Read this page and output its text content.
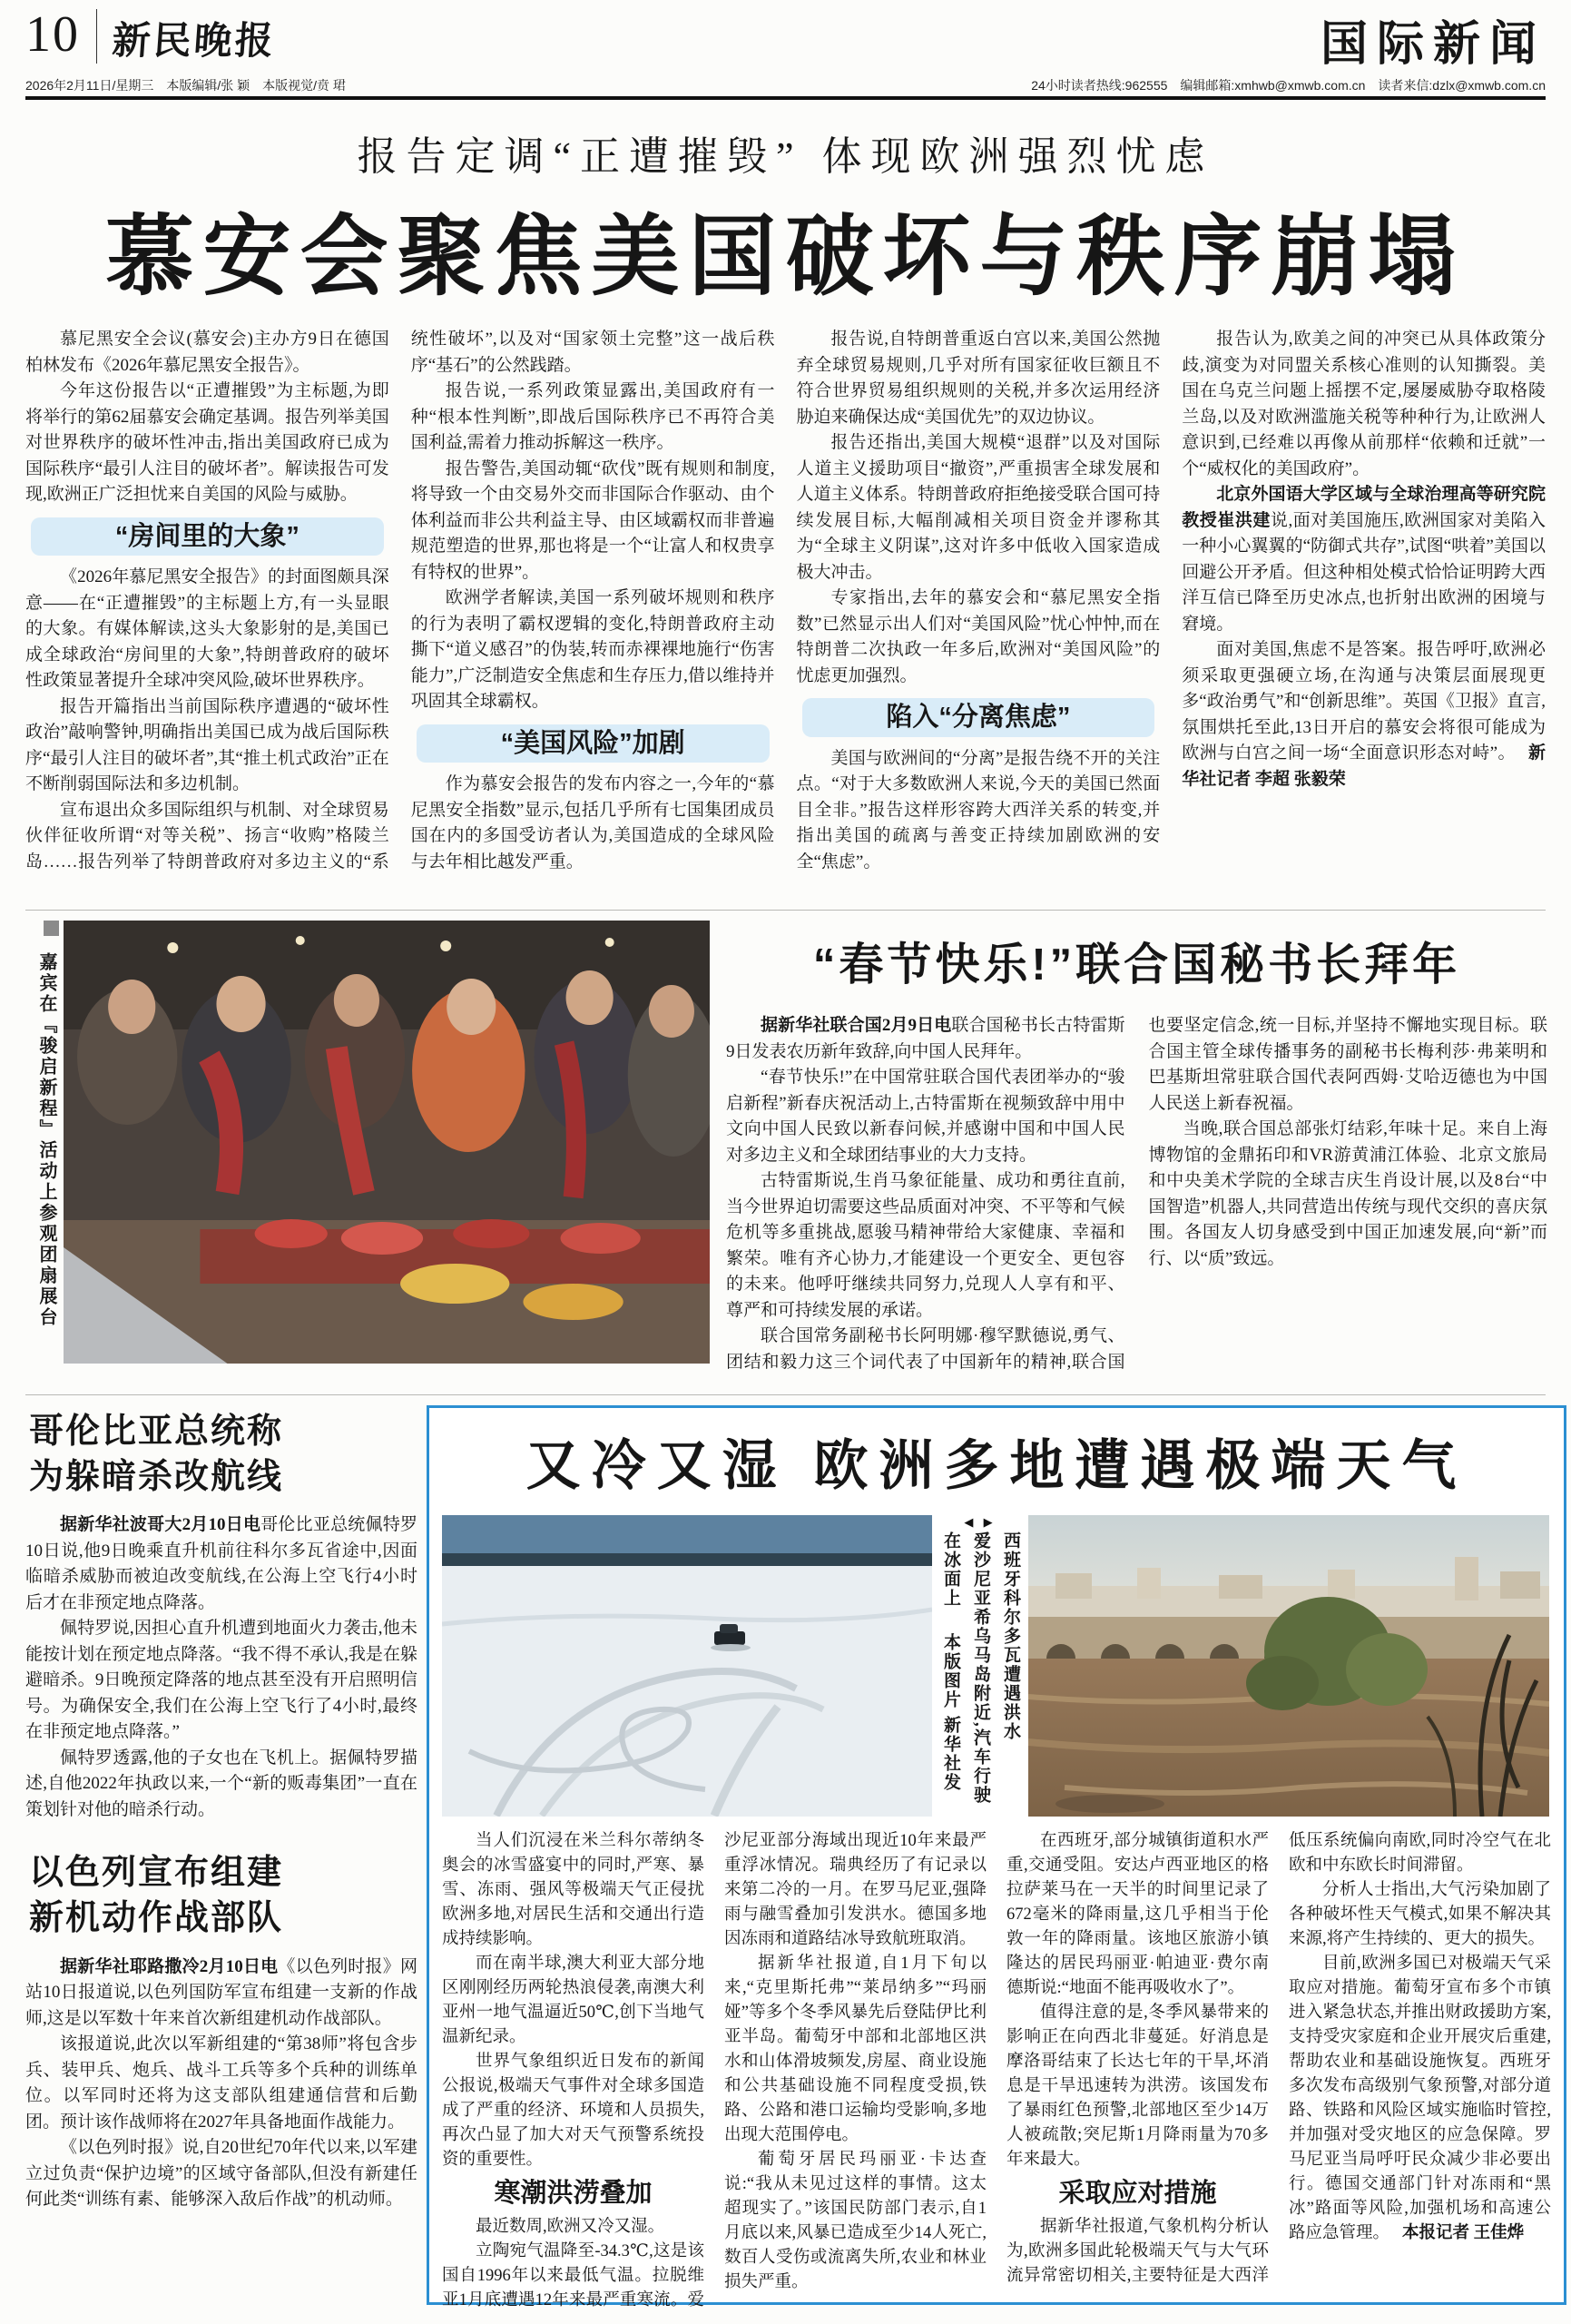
10 新民晚报	国际新闻
2026年2月11日/星期三　本版编辑/张 颖　本版视觉/贲 珺	24小时读者热线:962555　编辑邮箱:xmhwb@xmwb.com.cn　读者来信:dzlx@xmwb.com.cn
报告定调“正遭摧毁” 体现欧洲强烈忧虑
慕安会聚焦美国破坏与秩序崩塌

慕尼黑安全会议(慕安会)主办方9日在德国柏林发布《2026年慕尼黑安全报告》。

今年这份报告以“正遭摧毁”为主标题,为即将举行的第62届慕安会确定基调。报告列举美国对世界秩序的破坏性冲击,指出美国政府已成为国际秩序“最引人注目的破坏者”。解读报告可发现,欧洲正广泛担忧来自美国的风险与威胁。

“房间里的大象”

《2026年慕尼黑安全报告》的封面图颇具深意——在“正遭摧毁”的主标题上方,有一头显眼的大象。有媒体解读,这头大象影射的是,美国已成全球政治“房间里的大象”,特朗普政府的破坏性政策显著提升全球冲突风险,破坏世界秩序。

报告开篇指出当前国际秩序遭遇的“破坏性政治”敲响警钟,明确指出美国已成为战后国际秩序“最引人注目的破坏者”,其“推土机式政治”正在不断削弱国际法和多边机制。

宣布退出众多国际组织与机制、对全球贸易伙伴征收所谓“对等关税”、扬言“收购”格陵兰岛……报告列举了特朗普政府对多边主义的“系统性破坏”,以及对“国家领土完整”这一战后秩序“基石”的公然践踏。

报告说,一系列政策显露出,美国政府有一种“根本性判断”,即战后国际秩序已不再符合美国利益,需着力推动拆解这一秩序。

报告警告,美国动辄“砍伐”既有规则和制度,将导致一个由交易外交而非国际合作驱动、由个体利益而非公共利益主导、由区域霸权而非普遍规范塑造的世界,那也将是一个“让富人和权贵享有特权的世界”。

欧洲学者解读,美国一系列破坏规则和秩序的行为表明了霸权逻辑的变化,特朗普政府主动撕下“道义感召”的伪装,转而赤裸裸地施行“伤害能力”,广泛制造安全焦虑和生存压力,借以维持并巩固其全球霸权。

“美国风险”加剧

作为慕安会报告的发布内容之一,今年的“慕尼黑安全指数”显示,包括几乎所有七国集团成员国在内的多国受访者认为,美国造成的全球风险与去年相比越发严重。

报告说,自特朗普重返白宫以来,美国公然抛弃全球贸易规则,几乎对所有国家征收巨额且不符合世界贸易组织规则的关税,并多次运用经济胁迫来确保达成“美国优先”的双边协议。

报告还指出,美国大规模“退群”以及对国际人道主义援助项目“撤资”,严重损害全球发展和人道主义体系。特朗普政府拒绝接受联合国可持续发展目标,大幅削减相关项目资金并谬称其为“全球主义阴谋”,这对许多中低收入国家造成极大冲击。

专家指出,去年的慕安会和“慕尼黑安全指数”已然显示出人们对“美国风险”忧心忡忡,而在特朗普二次执政一年多后,欧洲对“美国风险”的忧虑更加强烈。

陷入“分离焦虑”

美国与欧洲间的“分离”是报告绕不开的关注点。“对于大多数欧洲人来说,今天的美国已然面目全非。”报告这样形容跨大西洋关系的转变,并指出美国的疏离与善变正持续加剧欧洲的安全“焦虑”。

报告认为,欧美之间的冲突已从具体政策分歧,演变为对同盟关系核心准则的认知撕裂。美国在乌克兰问题上摇摆不定,屡屡威胁夺取格陵兰岛,以及对欧洲滥施关税等种种行为,让欧洲人意识到,已经难以再像从前那样“依赖和迁就”一个“威权化的美国政府”。

北京外国语大学区域与全球治理高等研究院教授崔洪建说,面对美国施压,欧洲国家对美陷入一种小心翼翼的“防御式共存”,试图“哄着”美国以回避公开矛盾。但这种相处模式恰恰证明跨大西洋互信已降至历史冰点,也折射出欧洲的困境与窘境。

面对美国,焦虑不是答案。报告呼吁,欧洲必须采取更强硬立场,在沟通与决策层面展现更多“政治勇气”和“创新思维”。英国《卫报》直言,氛围烘托至此,13日开启的慕安会将很可能成为欧洲与白宫之间一场“全面意识形态对峙”。 新华社记者 李超 张毅荣

嘉宾在『骏启新程』活动上参观团扇展台	“春节快乐!”联合国秘书长拜年

据新华社联合国2月9日电联合国秘书长古特雷斯9日发表农历新年致辞,向中国人民拜年。

“春节快乐!”在中国常驻联合国代表团举办的“骏启新程”新春庆祝活动上,古特雷斯在视频致辞中用中文向中国人民致以新春问候,并感谢中国和中国人民对多边主义和全球团结事业的大力支持。

古特雷斯说,生肖马象征能量、成功和勇往直前,当今世界迫切需要这些品质面对冲突、不平等和气候危机等多重挑战,愿骏马精神带给大家健康、幸福和繁荣。唯有齐心协力,才能建设一个更安全、更包容的未来。他呼吁继续共同努力,兑现人人享有和平、尊严和可持续发展的承诺。

联合国常务副秘书长阿明娜·穆罕默德说,勇气、团结和毅力这三个词代表了中国新年的精神,联合国也要坚定信念,统一目标,并坚持不懈地实现目标。联合国主管全球传播事务的副秘书长梅利莎·弗莱明和巴基斯坦常驻联合国代表阿西姆·艾哈迈德也为中国人民送上新春祝福。

当晚,联合国总部张灯结彩,年味十足。来自上海博物馆的金鼎拓印和VR游黄浦江体验、北京文旅局和中央美术学院的全球吉庆生肖设计展,以及8台“中国智造”机器人,共同营造出传统与现代交织的喜庆氛围。各国友人切身感受到中国正加速发展,向“新”而行、以“质”致远。

哥伦比亚总统称
为躲暗杀改航线

据新华社波哥大2月10日电哥伦比亚总统佩特罗10日说,他9日晚乘直升机前往科尔多瓦省途中,因面临暗杀威胁而被迫改变航线,在公海上空飞行4小时后才在非预定地点降落。

佩特罗说,因担心直升机遭到地面火力袭击,他未能按计划在预定地点降落。“我不得不承认,我是在躲避暗杀。9日晚预定降落的地点甚至没有开启照明信号。为确保安全,我们在公海上空飞行了4小时,最终在非预定地点降落。”

佩特罗透露,他的子女也在飞机上。据佩特罗描述,自他2022年执政以来,一个“新的贩毒集团”一直在策划针对他的暗杀行动。

以色列宣布组建
新机动作战部队

据新华社耶路撒冷2月10日电《以色列时报》网站10日报道说,以色列国防军宣布组建一支新的作战师,这是以军数十年来首次新组建机动作战部队。

该报道说,此次以军新组建的“第38师”将包含步兵、装甲兵、炮兵、战斗工兵等多个兵种的训练单位。以军同时还将为这支部队组建通信营和后勤团。预计该作战师将在2027年具备地面作战能力。

《以色列时报》说,自20世纪70年代以来,以军建立过负责“保护边境”的区域守备部队,但没有新建任何此类“训练有素、能够深入敌后作战”的机动师。

又冷又湿 欧洲多地遭遇极端天气
◀ ▶
西班牙科尔多瓦遭遇洪水
爱沙尼亚希乌马岛附近,汽车行驶在冰面上本版图片 新华社发

当人们沉浸在米兰科尔蒂纳冬奥会的冰雪盛宴中的同时,严寒、暴雪、冻雨、强风等极端天气正侵扰欧洲多地,对居民生活和交通出行造成持续影响。

而在南半球,澳大利亚大部分地区刚刚经历两轮热浪侵袭,南澳大利亚州一地气温逼近50℃,创下当地气温新纪录。

世界气象组织近日发布的新闻公报说,极端天气事件对全球多国造成了严重的经济、环境和人员损失,再次凸显了加大对天气预警系统投资的重要性。

寒潮洪涝叠加

最近数周,欧洲又冷又湿。

立陶宛气温降至-34.3℃,这是该国自1996年以来最低气温。拉脱维亚1月底遭遇12年来最严重寒流。爱沙尼亚部分海域出现近10年来最严重浮冰情况。瑞典经历了有记录以来第二冷的一月。在罗马尼亚,强降雨与融雪叠加引发洪水。德国多地因冻雨和道路结冰导致航班取消。

据新华社报道,自1月下旬以来,“克里斯托弗”“莱昂纳多”“玛丽娅”等多个冬季风暴先后登陆伊比利亚半岛。葡萄牙中部和北部地区洪水和山体滑坡频发,房屋、商业设施和公共基础设施不同程度受损,铁路、公路和港口运输均受影响,多地出现大范围停电。

葡萄牙居民玛丽亚·卡达查说:“我从未见过这样的事情。这太超现实了。”该国民防部门表示,自1月底以来,风暴已造成至少14人死亡,数百人受伤或流离失所,农业和林业损失严重。

在西班牙,部分城镇街道积水严重,交通受阻。安达卢西亚地区的格拉萨莱马在一天半的时间里记录了672毫米的降雨量,这几乎相当于伦敦一年的降雨量。该地区旅游小镇隆达的居民玛丽亚·帕迪亚·费尔南德斯说:“地面不能再吸收水了”。

值得注意的是,冬季风暴带来的影响正在向西北非蔓延。好消息是摩洛哥结束了长达七年的干旱,坏消息是干旱迅速转为洪涝。该国发布了暴雨红色预警,北部地区至少14万人被疏散;突尼斯1月降雨量为70多年来最大。

采取应对措施

据新华社报道,气象机构分析认为,欧洲多国此轮极端天气与大气环流异常密切相关,主要特征是大西洋低压系统偏向南欧,同时冷空气在北欧和中东欧长时间滞留。

分析人士指出,大气污染加剧了各种破坏性天气模式,如果不解决其来源,将产生持续的、更大的损失。

目前,欧洲多国已对极端天气采取应对措施。葡萄牙宣布多个市镇进入紧急状态,并推出财政援助方案,支持受灾家庭和企业开展灾后重建,帮助农业和基础设施恢复。西班牙多次发布高级别气象预警,对部分道路、铁路和风险区域实施临时管控,并加强对受灾地区的应急保障。罗马尼亚当局呼吁民众减少非必要出行。德国交通部门针对冻雨和“黑冰”路面等风险,加强机场和高速公路应急管理。 本报记者 王佳烨
